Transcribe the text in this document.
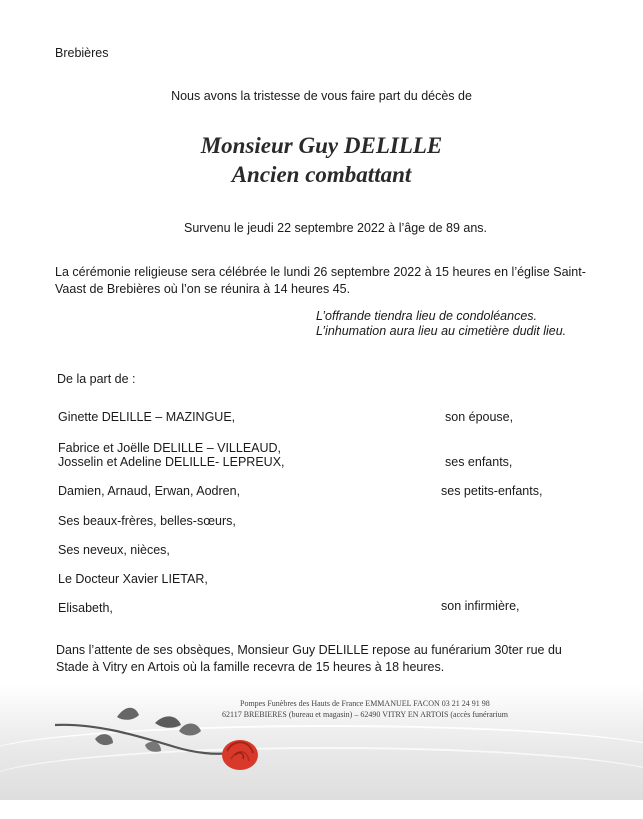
Brebières
Nous avons la tristesse de vous faire part du décès de
Monsieur Guy DELILLE
Ancien combattant
Survenu le jeudi 22 septembre 2022 à l’âge de 89 ans.
La cérémonie religieuse sera célébrée le lundi 26 septembre 2022 à 15 heures en l’église Saint-Vaast de Brebières où l’on se réunira à 14 heures 45.
L’offrande tiendra lieu de condoléances.
L’inhumation aura lieu au cimetière dudit lieu.
De la part de :
Ginette DELILLE – MAZINGUE,	son épouse,
Fabrice et Joëlle DELILLE – VILLEAUD,
Josselin et Adeline DELILLE- LEPREUX,	ses enfants,
Damien, Arnaud, Erwan, Aodren,	ses petits-enfants,
Ses beaux-frères, belles-sœurs,
Ses neveux, nièces,
Le Docteur Xavier LIETAR,
Elisabeth,	son infirmière,
Dans l’attente de ses obsèques, Monsieur Guy DELILLE repose au funérarium 30ter rue du Stade à Vitry en Artois où la famille recevra de 15 heures à 18 heures.
Pompes Funèbres des Hauts de France EMMANUEL FACON 03 21 24 91 98
62117 BREBIERES (bureau et magasin) – 62490 VITRY EN ARTOIS (accès funérarium
